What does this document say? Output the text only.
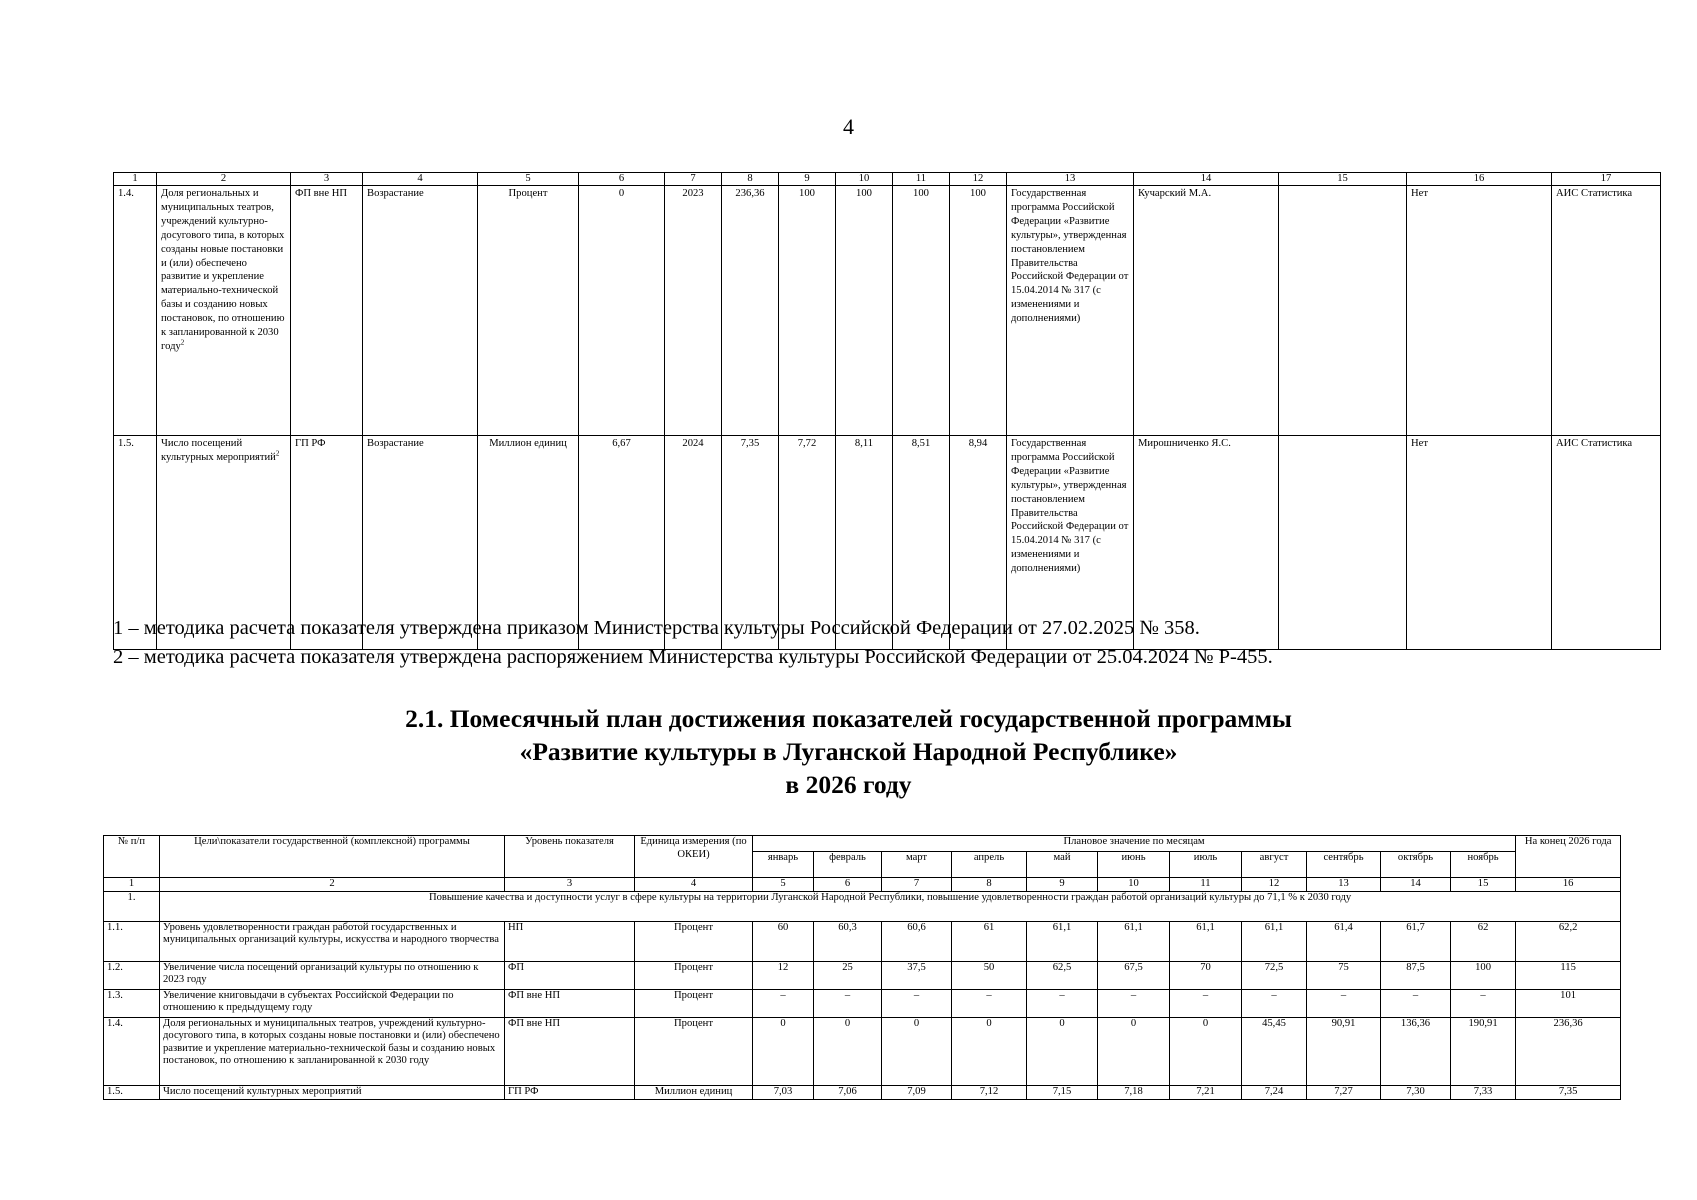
4
1	2	3	4	5	6	7	8	9	10	11	12	13	14	15	16	17
1.4.	Доля региональных и муниципальных театров, учреждений культурно-досугового типа, в которых созданы новые постановки и (или) обеспечено развитие и укрепление материально-технической базы и созданию новых постановок, по отношению к запланированной к 2030 году$^2$	ФП вне НП	Возрастание	Процент	0	2023	236,36	100	100	100	100	Государственная программа Российской Федерации «Развитие культуры», утвержденная постановлением Правительства Российской Федерации от 15.04.2014 № 317 (с изменениями и дополнениями)	Кучарский М.А.		Нет	АИС Статистика
1.5.	Число посещений культурных мероприятий$^2$	ГП РФ	Возрастание	Миллион единиц	6,67	2024	7,35	7,72	8,11	8,51	8,94	Государственная программа Российской Федерации «Развитие культуры», утвержденная постановлением Правительства Российской Федерации от 15.04.2014 № 317 (с изменениями и дополнениями)	Мирошниченко Я.С.		Нет	АИС Статистика
1 – методика расчета показателя утверждена приказом Министерства культуры Российской Федерации от 27.02.2025 № 358.
2 – методика расчета показателя утверждена распоряжением Министерства культуры Российской Федерации от 25.04.2024 № Р-455.
2.1. Помесячный план достижения показателей государственной программы
«Развитие культуры в Луганской Народной Республике»
в 2026 году
№ п/п	Цели\показатели государственной (комплексной) программы	Уровень показателя	Единица измерения (по ОКЕИ)	Плановое значение по месяцам											На конец 2026 года
				январь	февраль	март	апрель	май	июнь	июль	август	сентябрь	октябрь	ноябрь	
1	2	3	4	5	6	7	8	9	10	11	12	13	14	15	16
1.	Повышение качества и доступности услуг в сфере культуры на территории Луганской Народной Республики, повышение удовлетворенности граждан работой организаций культуры до 71,1 % к 2030 году														
1.1.	Уровень удовлетворенности граждан работой государственных и муниципальных организаций культуры, искусства и народного творчества	НП	Процент	60	60,3	60,6	61	61,1	61,1	61,1	61,1	61,4	61,7	62	62,2
1.2.	Увеличение числа посещений организаций культуры по отношению к 2023 году	ФП	Процент	12	25	37,5	50	62,5	67,5	70	72,5	75	87,5	100	115
1.3.	Увеличение книговыдачи в субъектах Российской Федерации по отношению к предыдущему году	ФП вне НП	Процент	–	–	–	–	–	–	–	–	–	–	–	101
1.4.	Доля региональных и муниципальных театров, учреждений культурно-досугового типа, в которых созданы новые постановки и (или) обеспечено развитие и укрепление материально-технической базы и созданию новых постановок, по отношению к запланированной к 2030 году	ФП вне НП	Процент	0	0	0	0	0	0	0	45,45	90,91	136,36	190,91	236,36
1.5.	Число посещений культурных мероприятий	ГП РФ	Миллион единиц	7,03	7,06	7,09	7,12	7,15	7,18	7,21	7,24	7,27	7,30	7,33	7,35
